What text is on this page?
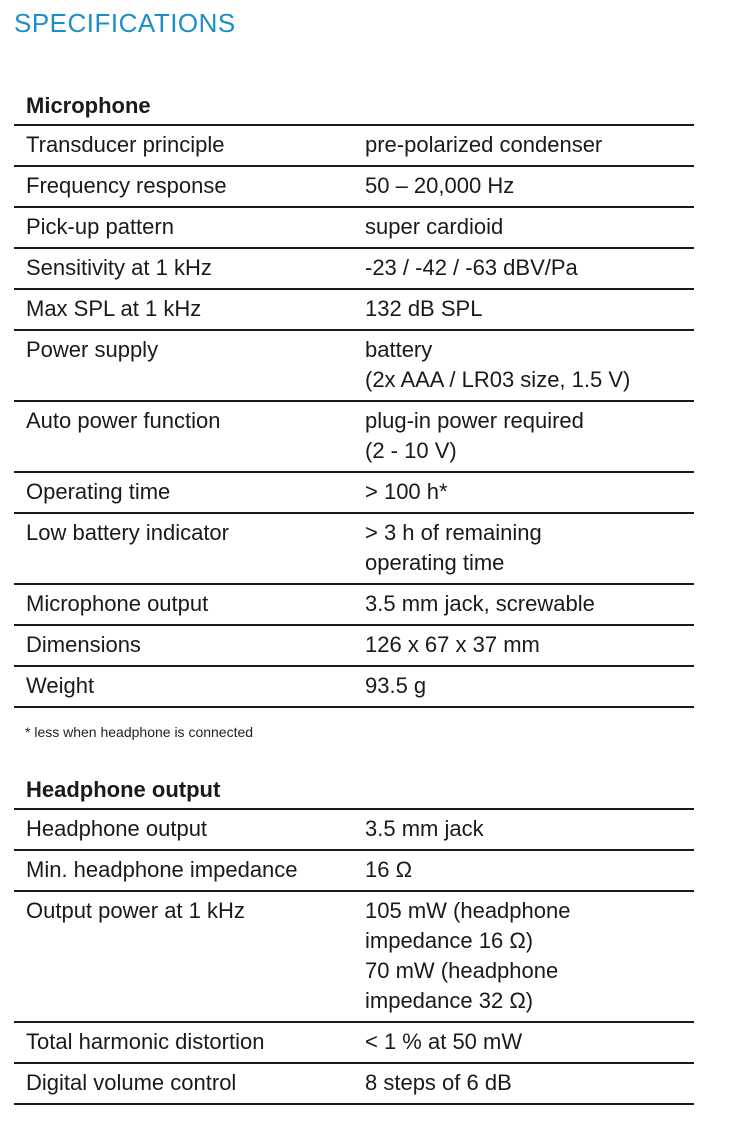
SPECIFICATIONS
Microphone
Transducer principle	pre-polarized condenser
Frequency response	50 – 20,000 Hz
Pick-up pattern	super cardioid
Sensitivity at 1 kHz	-23 / -42 / -63 dBV/Pa
Max SPL at 1 kHz	132 dB SPL
Power supply	battery
(2x AAA / LR03 size, 1.5 V)
Auto power function	plug-in power required
(2 - 10 V)
Operating time	> 100 h*
Low battery indicator	> 3 h of remaining
operating time
Microphone output	3.5 mm jack, screwable
Dimensions	126 x 67 x 37 mm
Weight	93.5 g
* less when headphone is connected
Headphone output
Headphone output	3.5 mm jack
Min. headphone impedance	16 Ω
Output power at 1 kHz	105 mW (headphone
impedance 16 Ω)
70 mW (headphone
impedance 32 Ω)
Total harmonic distortion	< 1 % at 50 mW
Digital volume control	8 steps of 6 dB
